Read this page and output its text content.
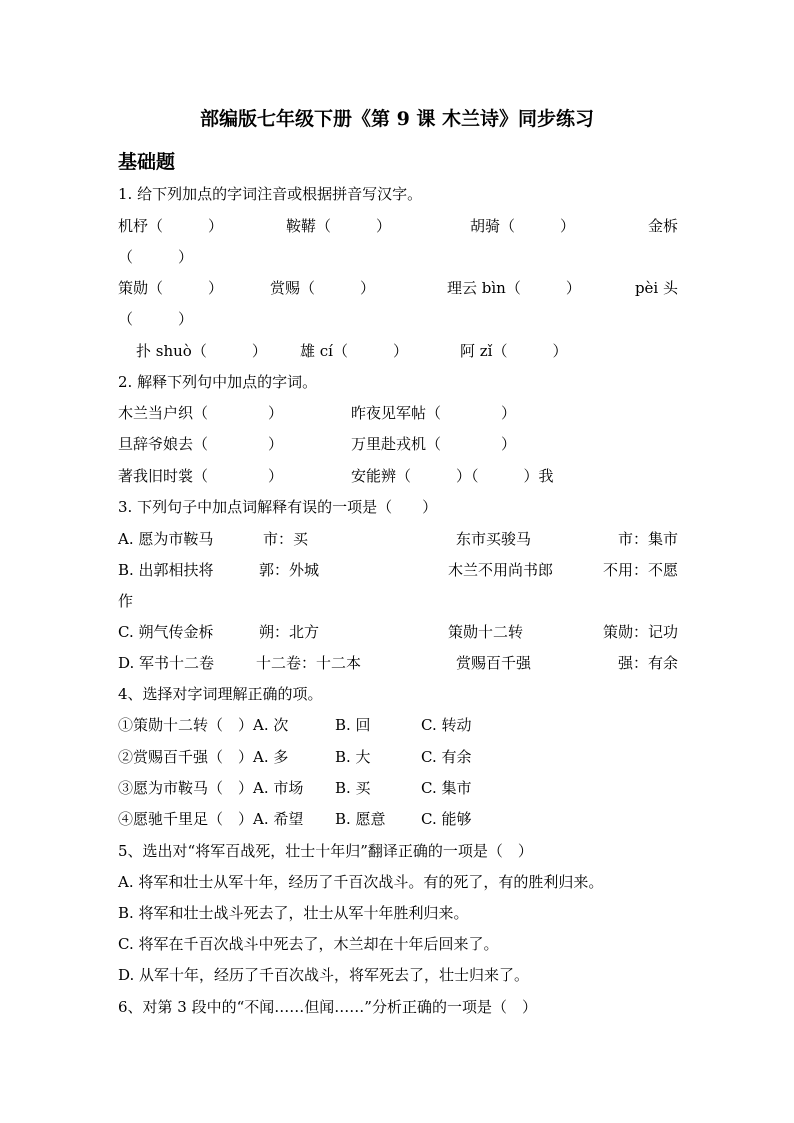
部编版七年级下册《第 9 课 木兰诗》同步练习
基础题
1. 给下列加点的字词注音或根据拼音写汉字。
机杼（　　　）	鞍鞯（　　　）	胡骑（　　　）	金柝
（　　　）
策勋（　　　）	赏赐（　　　）	理云 bìn（　　　）	pèi 头
（　　　）
扑 shuò（　　　） 雄 cí（　　　）	阿 zǐ（　　　）
2. 解释下列句中加点的字词。
木兰当户织（　　　　）	昨夜见军帖（　　　　）
旦辞爷娘去（　　　　）	万里赴戎机（　　　　）
著我旧时裳（　　　　）	安能辨（　　　）（　　　）我
3. 下列句子中加点词解释有误的一项是（　　）
A. 愿为市鞍马	市：买	东市买骏马	市：集市
B. 出郭相扶将	郭：外城	木兰不用尚书郎	不用：不愿
作
C. 朔气传金柝	朔：北方	策勋十二转	策勋：记功
D. 军书十二卷	十二卷：十二本	赏赐百千强	强：有余
4、选择对字词理解正确的项。
①策勋十二转（　）A. 次	B. 回	C. 转动
②赏赐百千强（　）A. 多	B. 大	C. 有余
③愿为市鞍马（　）A. 市场 B. 买	C. 集市
④愿驰千里足（　）A. 希望 B. 愿意 C. 能够
5、选出对“将军百战死，壮士十年归”翻译正确的一项是（　）
A. 将军和壮士从军十年，经历了千百次战斗。有的死了，有的胜利归来。
B. 将军和壮士战斗死去了，壮士从军十年胜利归来。
C. 将军在千百次战斗中死去了，木兰却在十年后回来了。
D. 从军十年，经历了千百次战斗，将军死去了，壮士归来了。
6、对第 3 段中的“不闻……但闻……”分析正确的一项是（　）
